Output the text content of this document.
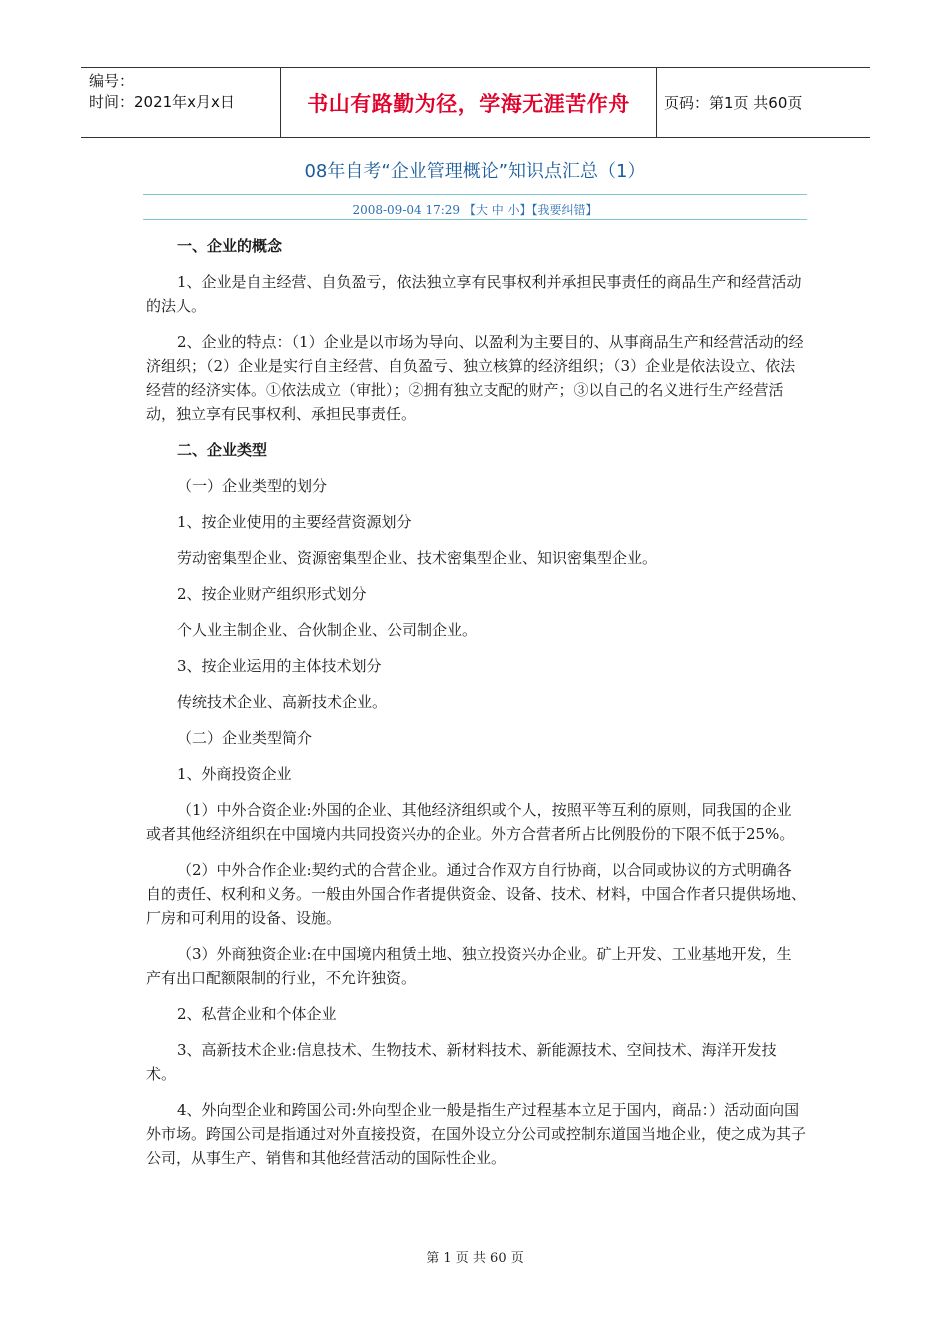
编号：
时间：2021年x月x日	书山有路勤为径，学海无涯苦作舟 页码：第1页 共60页
08年自考“企业管理概论”知识点汇总（1）
2008-09-04 17:29 【大 中 小】【我要纠错】

一、企业的概念

1、企业是自主经营、自负盈亏，依法独立享有民事权利并承担民事责任的商品生产和经营活动的法人。

2、企业的特点：（1）企业是以市场为导向、以盈利为主要目的、从事商品生产和经营活动的经济组织；（2）企业是实行自主经营、自负盈亏、独立核算的经济组织；（3）企业是依法设立、依法经营的经济实体。①依法成立（审批）；②拥有独立支配的财产；③以自己的名义进行生产经营活动，独立享有民事权利、承担民事责任。

二、企业类型

（一）企业类型的划分

1、按企业使用的主要经营资源划分

劳动密集型企业、资源密集型企业、技术密集型企业、知识密集型企业。

2、按企业财产组织形式划分

个人业主制企业、合伙制企业、公司制企业。

3、按企业运用的主体技术划分

传统技术企业、高新技术企业。

（二）企业类型简介

1、外商投资企业

（1）中外合资企业:外国的企业、其他经济组织或个人，按照平等互利的原则，同我国的企业或者其他经济组织在中国境内共同投资兴办的企业。外方合营者所占比例股份的下限不低于25%。

（2）中外合作企业:契约式的合营企业。通过合作双方自行协商，以合同或协议的方式明确各自的责任、权利和义务。一般由外国合作者提供资金、设备、技术、材料，中国合作者只提供场地、厂房和可利用的设备、设施。

（3）外商独资企业:在中国境内租赁土地、独立投资兴办企业。矿上开发、工业基地开发，生产有出口配额限制的行业，不允许独资。

2、私营企业和个体企业

3、高新技术企业:信息技术、生物技术、新材料技术、新能源技术、空间技术、海洋开发技术。

4、外向型企业和跨国公司:外向型企业一般是指生产过程基本立足于国内，商品：）活动面向国外市场。跨国公司是指通过对外直接投资，在国外设立分公司或控制东道国当地企业，使之成为其子公司，从事生产、销售和其他经营活动的国际性企业。

第 1 页 共 60 页
